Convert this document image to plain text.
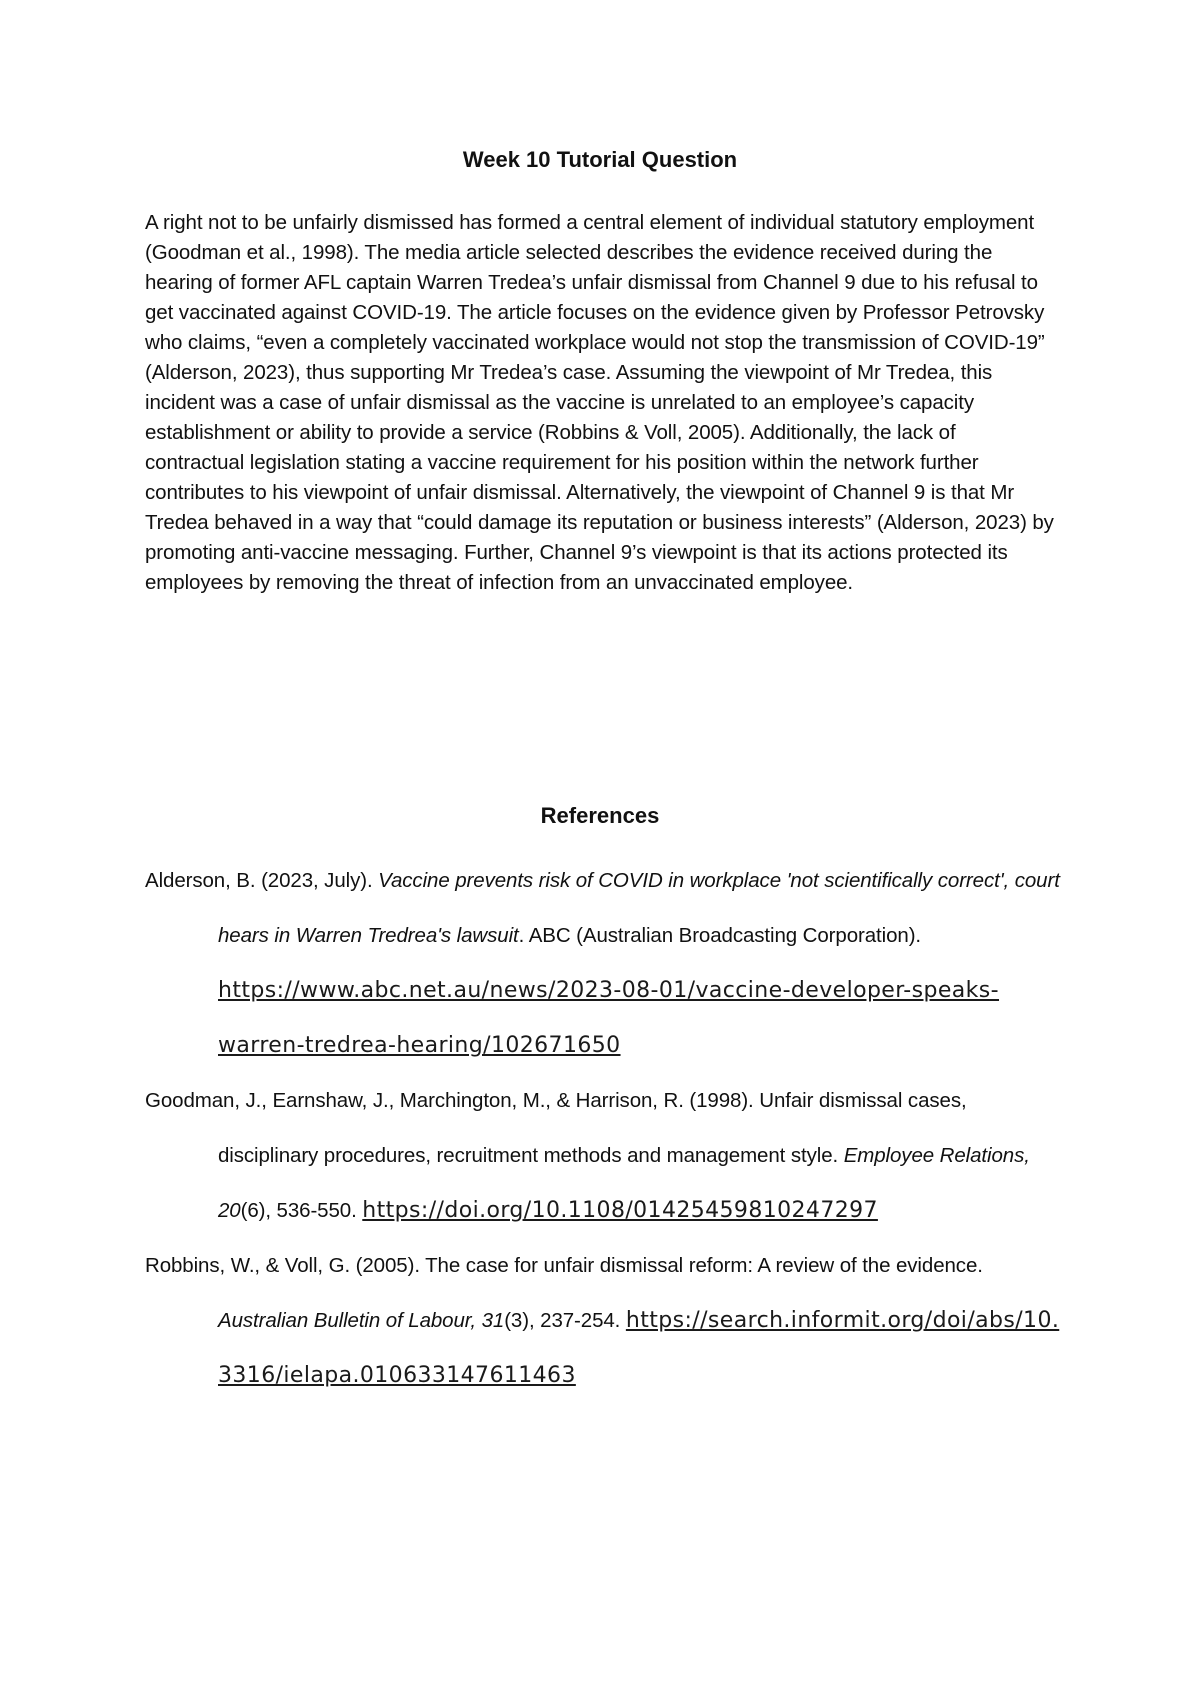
Week 10 Tutorial Question

A right not to be unfairly dismissed has formed a central element of individual statutory employment (Goodman et al., 1998). The media article selected describes the evidence received during the hearing of former AFL captain Warren Tredea’s unfair dismissal from Channel 9 due to his refusal to get vaccinated against COVID-19. The article focuses on the evidence given by Professor Petrovsky who claims, “even a completely vaccinated workplace would not stop the transmission of COVID-19” (Alderson, 2023), thus supporting Mr Tredea’s case. Assuming the viewpoint of Mr Tredea, this incident was a case of unfair dismissal as the vaccine is unrelated to an employee’s capacity establishment or ability to provide a service (Robbins & Voll, 2005). Additionally, the lack of contractual legislation stating a vaccine requirement for his position within the network further contributes to his viewpoint of unfair dismissal. Alternatively, the viewpoint of Channel 9 is that Mr Tredea behaved in a way that “could damage its reputation or business interests” (Alderson, 2023) by promoting anti-vaccine messaging. Further, Channel 9’s viewpoint is that its actions protected its employees by removing the threat of infection from an unvaccinated employee.

References

Alderson, B. (2023, July). Vaccine prevents risk of COVID in workplace 'not scientifically correct', court hears in Warren Tredrea's lawsuit. ABC (Australian Broadcasting Corporation). https://www.abc.net.au/news/2023-08-01/vaccine-developer-speaks-warren-tredrea-hearing/102671650

Goodman, J., Earnshaw, J., Marchington, M., & Harrison, R. (1998). Unfair dismissal cases, disciplinary procedures, recruitment methods and management style. Employee Relations, 20(6), 536-550. https://doi.org/10.1108/01425459810247297

Robbins, W., & Voll, G. (2005). The case for unfair dismissal reform: A review of the evidence. Australian Bulletin of Labour, 31(3), 237-254. https://search.informit.org/doi/abs/10.3316/ielapa.010633147611463
